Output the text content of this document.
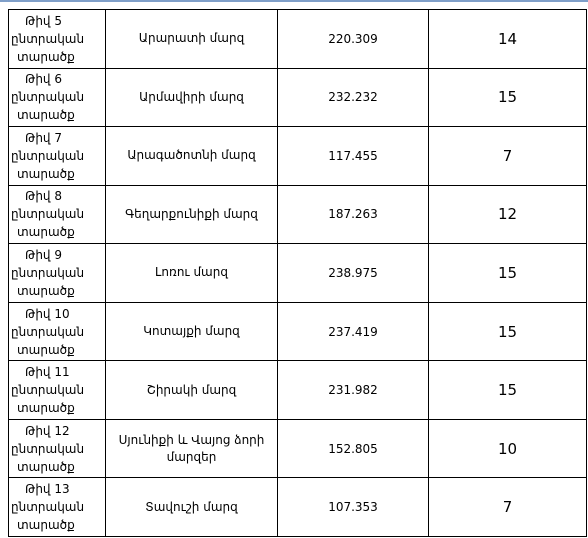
Թիվ 5
ընտրական
տարածք	Արարատի մարզ	220.309	14

Թիվ 6
ընտրական
տարածք	Արմավիրի մարզ	232.232	15

Թիվ 7
ընտրական
տարածք	Արագածոտնի մարզ	117.455	7

Թիվ 8
ընտրական
տարածք	Գեղարքունիքի մարզ	187.263	12

Թիվ 9
ընտրական
տարածք	Լոռու մարզ	238.975	15

Թիվ 10
ընտրական
տարածք	Կոտայքի մարզ	237.419	15

Թիվ 11
ընտրական
տարածք	Շիրակի մարզ	231.982	15

Թիվ 12
ընտրական
տարածք	Սյունիքի և Վայոց ձորի մարզեր	152.805	10

Թիվ 13
ընտրական
տարածք	Տավուշի մարզ	107.353	7
